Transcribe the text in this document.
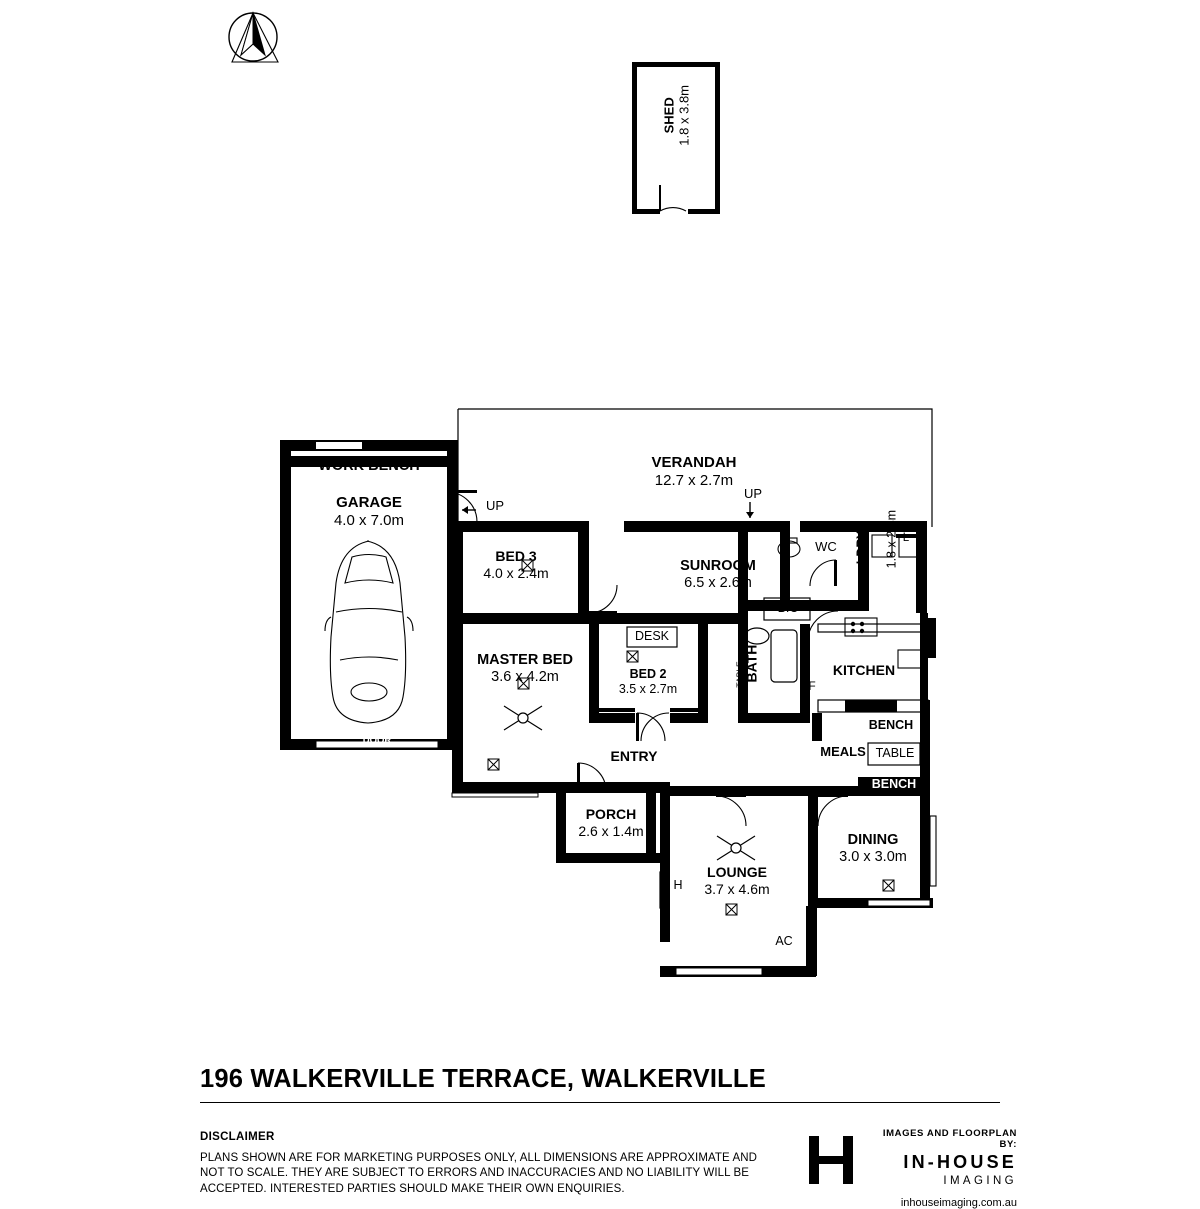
SHED 1.8 x 3.8m
WORK BENCH
GARAGE
4.0 x 7.0m
DOOR
UP
UP
VERANDAH
12.7 x 2.7m
BED 3
4.0 x 2.4m	SUNROOM
6.5 x 2.6m
WC	LDRY 1.8 x 2.4m L
BIC
DESK
BED	BED
BED 2
3.5 x 2.7m
TABLE BATH
F
KITCHEN
MASTER BED
3.6 x 4.2m
BIR	BIR	BENCH
MEALS TABLE
BENCH
ENTRY
PORCH
2.6 x 1.4m
LOUNGE
3.7 x 4.6m
H
AC
DINING
3.0 x 3.0m
196 WALKERVILLE TERRACE, WALKERVILLE
DISCLAIMER
PLANS SHOWN ARE FOR MARKETING PURPOSES ONLY, ALL DIMENSIONS ARE APPROXIMATE AND NOT TO SCALE. THEY ARE SUBJECT TO ERRORS AND INACCURACIES AND NO LIABILITY WILL BE ACCEPTED. INTERESTED PARTIES SHOULD MAKE THEIR OWN ENQUIRIES.
IMAGES AND FLOORPLAN BY:
IN-HOUSE
IMAGING
inhouseimaging.com.au
